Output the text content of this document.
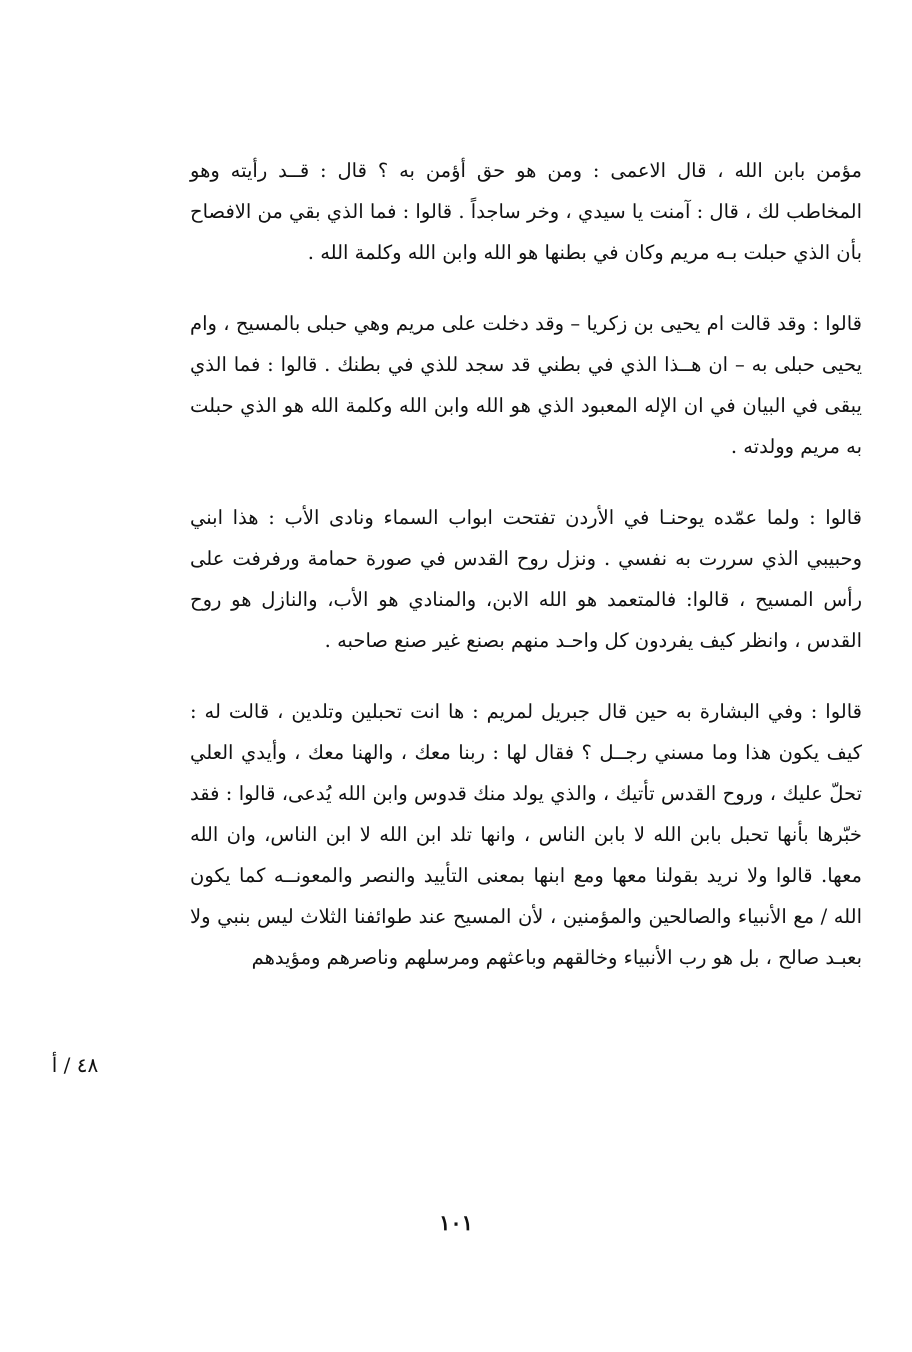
مؤمن بابن الله ، قال الاعمى : ومن هو حق أؤمن به ؟ قال : قــد رأيته وهو المخاطب لك ، قال : آمنت يا سيدي ، وخر ساجداً . قالوا : فما الذي بقي من الافصاح بأن الذي حبلت بـه مريم وكان في بطنها هو الله وابن الله وكلمة الله .

قالوا : وقد قالت ام يحيى بن زكريا – وقد دخلت على مريم وهي حبلى بالمسيح ، وام يحيى حبلى به – ان هــذا الذي في بطني قد سجد للذي في بطنك . قالوا : فما الذي يبقى في البيان في ان الإله المعبود الذي هو الله وابن الله وكلمة الله هو الذي حبلت به مريم وولدته .

قالوا : ولما عمّده يوحنـا في الأردن تفتحت ابواب السماء ونادى الأب : هذا ابني وحبيبي الذي سررت به نفسي . ونزل روح القدس في صورة حمامة ورفرفت على رأس المسيح ، قالوا: فالمتعمد هو الله الابن، والمنادي هو الأب، والنازل هو روح القدس ، وانظر كيف يفردون كل واحـد منهم بصنع غير صنع صاحبه .

قالوا : وفي البشارة به حين قال جبريل لمريم : ها انت تحبلين وتلدين ، قالت له : كيف يكون هذا وما مسني رجــل ؟ فقال لها : ربنا معك ، والهنا معك ، وأيدي العلي تحلّ عليك ، وروح القدس تأتيك ، والذي يولد منك قدوس وابن الله يُدعى، قالوا : فقد خبّرها بأنها تحبل بابن الله لا بابن الناس ، وانها تلد ابن الله لا ابن الناس، وان الله معها. قالوا ولا نريد بقولنا معها ومع ابنها بمعنى التأييد والنصر والمعونــه كما يكون الله / مع الأنبياء والصالحين والمؤمنين ، لأن المسيح عند طوائفنا الثلاث ليس بنبي ولا بعبـد صالح ، بل هو رب الأنبياء وخالقهم وباعثهم ومرسلهم وناصرهم ومؤيدهم

٤٨ / أ
١٠١
